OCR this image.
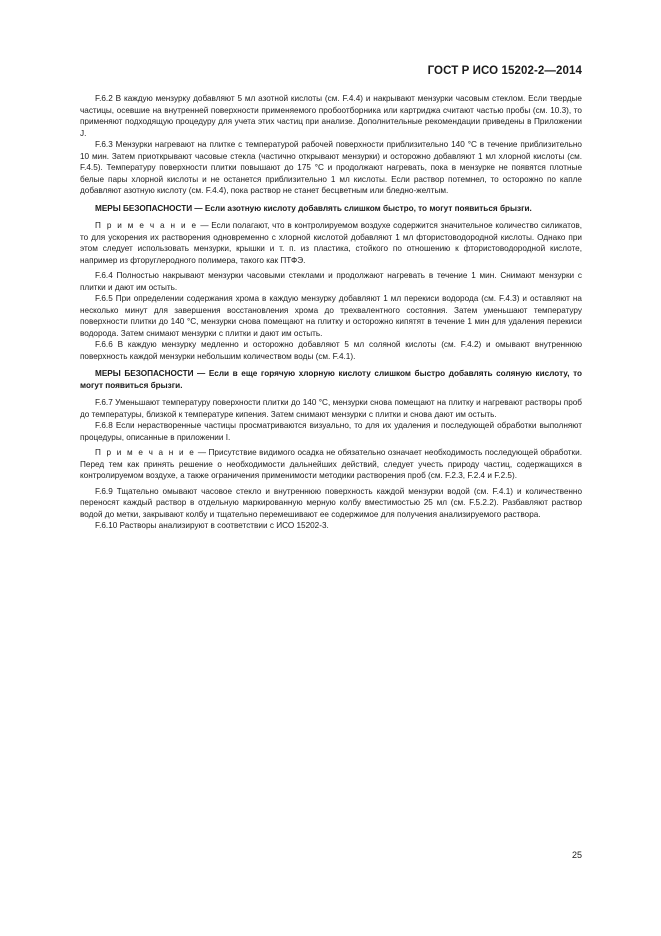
ГОСТ Р ИСО 15202-2—2014

F.6.2 В каждую мензурку добавляют 5 мл азотной кислоты (см. F.4.4) и накрывают мензурки часовым стеклом. Если твердые частицы, осевшие на внутренней поверхности применяемого пробоотборника или картриджа считают частью пробы (см. 10.3), то применяют подходящую процедуру для учета этих частиц при анализе. Дополнительные рекомендации приведены в Приложении J.

F.6.3 Мензурки нагревают на плитке с температурой рабочей поверхности приблизительно 140 °С в течение приблизительно 10 мин. Затем приоткрывают часовые стекла (частично открывают мензурки) и осторожно добавляют 1 мл хлорной кислоты (см. F.4.5). Температуру поверхности плитки повышают до 175 °С и продолжают нагревать, пока в мензурке не появятся плотные белые пары хлорной кислоты и не останется приблизительно 1 мл кислоты. Если раствор потемнел, то осторожно по капле добавляют азотную кислоту (см. F.4.4), пока раствор не станет бесцветным или бледно-желтым.

МЕРЫ БЕЗОПАСНОСТИ — Если азотную кислоту добавлять слишком быстро, то могут появиться брызги.

П р и м е ч а н и е — Если полагают, что в контролируемом воздухе содержится значительное количество силикатов, то для ускорения их растворения одновременно с хлорной кислотой добавляют 1 мл фтористоводородной кислоты. Однако при этом следует использовать мензурки, крышки и т. п. из пластика, стойкого по отношению к фтористоводородной кислоте, например из фторуглеродного полимера, такого как ПТФЭ.

F.6.4 Полностью накрывают мензурки часовыми стеклами и продолжают нагревать в течение 1 мин. Снимают мензурки с плитки и дают им остыть.

F.6.5 При определении содержания хрома в каждую мензурку добавляют 1 мл перекиси водорода (см. F.4.3) и оставляют на несколько минут для завершения восстановления хрома до трехвалентного состояния. Затем уменьшают температуру поверхности плитки до 140 °С, мензурки снова помещают на плитку и осторожно кипятят в течение 1 мин для удаления перекиси водорода. Затем снимают мензурки с плитки и дают им остыть.

F.6.6 В каждую мензурку медленно и осторожно добавляют 5 мл соляной кислоты (см. F.4.2) и омывают внутреннюю поверхность каждой мензурки небольшим количеством воды (см. F.4.1).

МЕРЫ БЕЗОПАСНОСТИ — Если в еще горячую хлорную кислоту слишком быстро добавлять соляную кислоту, то могут появиться брызги.

F.6.7 Уменьшают температуру поверхности плитки до 140 °С, мензурки снова помещают на плитку и нагревают растворы проб до температуры, близкой к температуре кипения. Затем снимают мензурки с плитки и снова дают им остыть.

F.6.8 Если нерастворенные частицы просматриваются визуально, то для их удаления и последующей обработки выполняют процедуры, описанные в приложении I.

П р и м е ч а н и е — Присутствие видимого осадка не обязательно означает необходимость последующей обработки. Перед тем как принять решение о необходимости дальнейших действий, следует учесть природу частиц, содержащихся в контролируемом воздухе, а также ограничения применимости методики растворения проб (см. F.2.3, F.2.4 и F.2.5).

F.6.9 Тщательно омывают часовое стекло и внутреннюю поверхность каждой мензурки водой (см. F.4.1) и количественно переносят каждый раствор в отдельную маркированную мерную колбу вместимостью 25 мл (см. F.5.2.2). Разбавляют раствор водой до метки, закрывают колбу и тщательно перемешивают ее содержимое для получения анализируемого раствора.

F.6.10 Растворы анализируют в соответствии с ИСО 15202-3.

25
